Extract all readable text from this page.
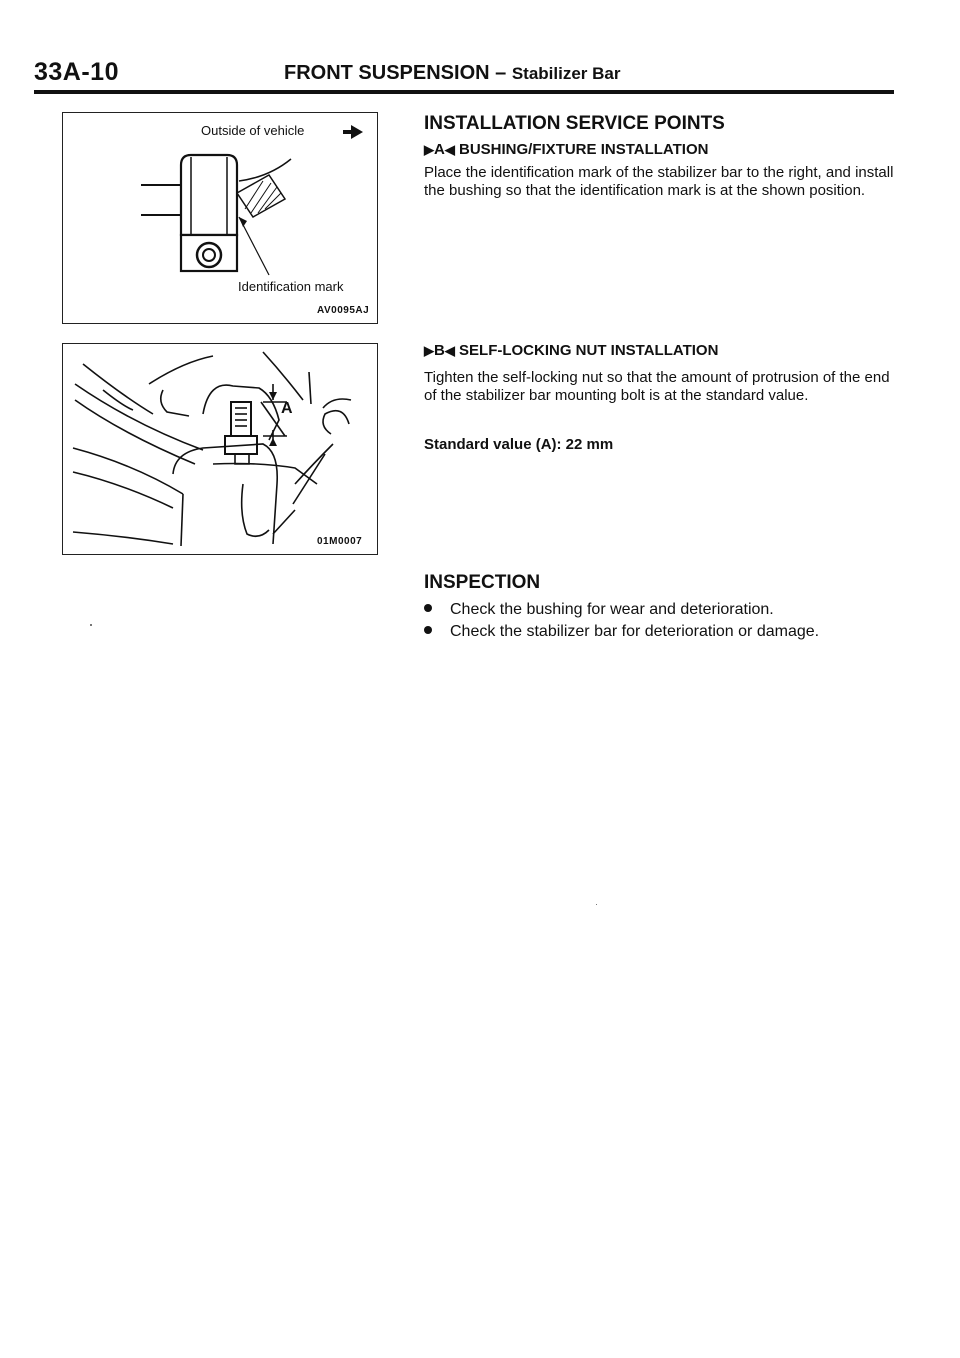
33A-10	FRONT SUSPENSION – Stabilizer Bar
Outside of vehicle
Identification mark
AV0095AJ
A
01M0007
INSTALLATION SERVICE POINTS
▶A◀ BUSHING/FIXTURE INSTALLATION

Place the identification mark of the stabilizer bar to the right, and install the bushing so that the identification mark is at the shown position.

▶B◀ SELF-LOCKING NUT INSTALLATION

Tighten the self-locking nut so that the amount of protrusion of the end of the stabilizer bar mounting bolt is at the standard value.

Standard value (A): 22 mm
INSPECTION
Check the bushing for wear and deterioration.
Check the stabilizer bar for deterioration or damage.
